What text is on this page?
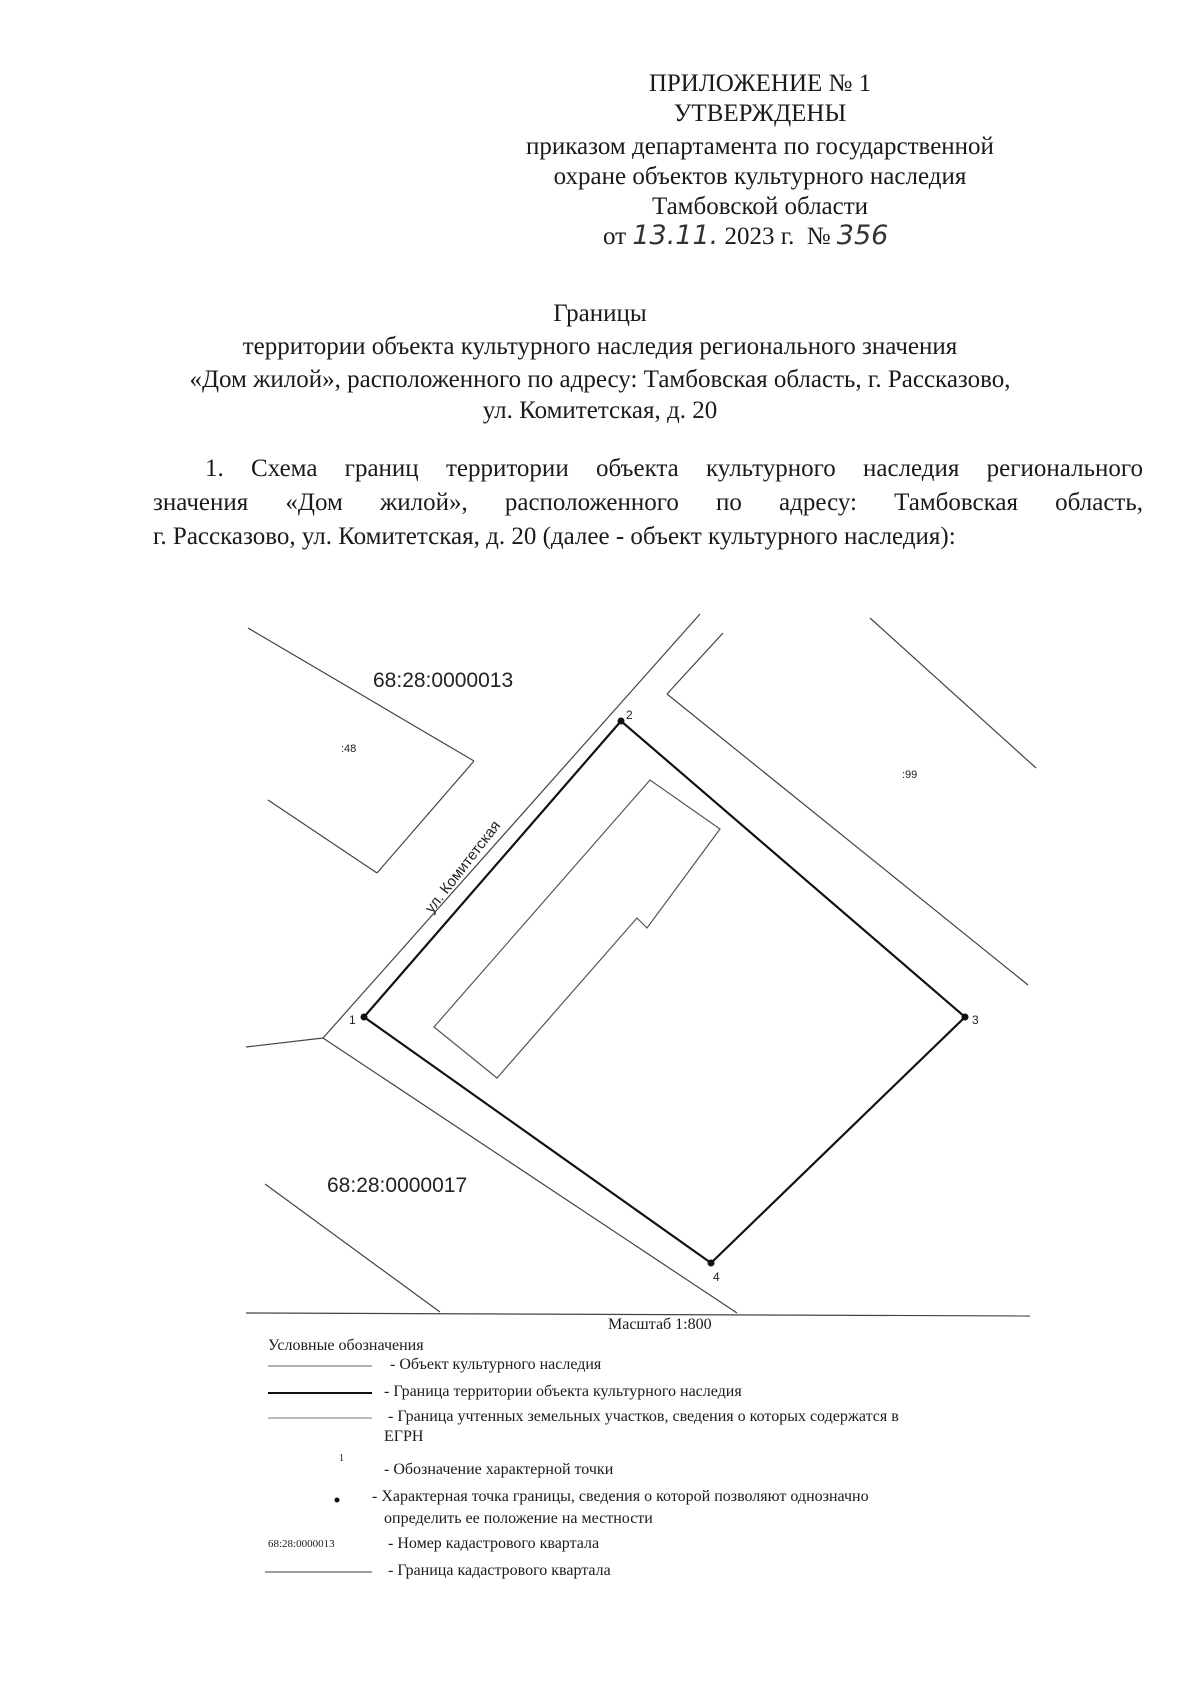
ПРИЛОЖЕНИЕ № 1
УТВЕРЖДЕНЫ
приказом департамента по государственной
охране объектов культурного наследия
Тамбовской области
от 13.11. 2023 г. № 356
Границы
территории объекта культурного наследия регионального значения
«Дом жилой», расположенного по адресу: Тамбовская область, г. Рассказово,
ул. Комитетская, д. 20
1. Схема границ территории объекта культурного наследия регионального
значения «Дом жилой», расположенного по адресу: Тамбовская область,
г. Рассказово, ул. Комитетская, д. 20 (далее - объект культурного наследия):
1
2
3
4
68:28:0000013
68:28:0000017
:48
:99
ул. Комитетская
Масштаб 1:800
Условные обозначения
- Объект культурного наследия
- Граница территории объекта культурного наследия
- Граница учтенных земельных участков, сведения о которых содержатся в
ЕГРН
1
- Обозначение характерной точки
- Характерная точка границы, сведения о которой позволяют однозначно
определить ее положение на местности
68:28:0000013	- Номер кадастрового квартала
- Граница кадастрового квартала
